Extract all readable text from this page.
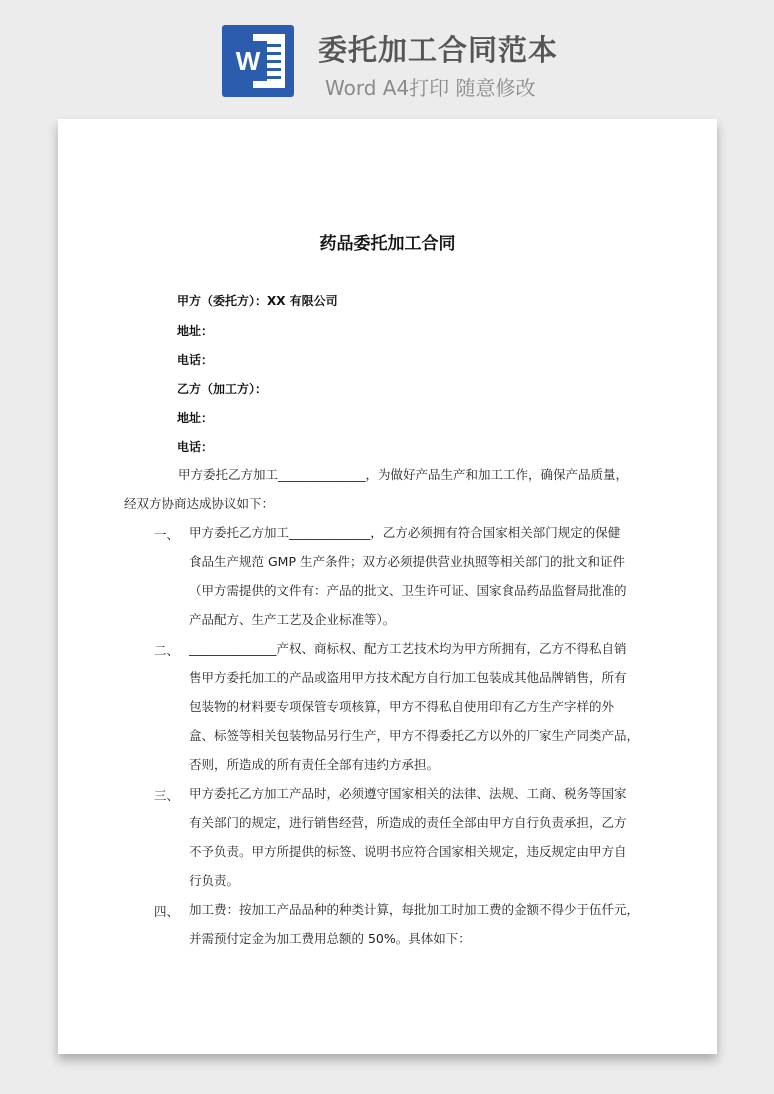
W 委托加工合同范本
Word A4打印 随意修改
药品委托加工合同
甲方（委托方）：XX 有限公司
地址：
电话：
乙方（加工方）：
地址：
电话：
甲方委托乙方加工______________，为做好产品生产和加工工作，确保产品质量，
经双方协商达成协议如下：
一、 甲方委托乙方加工_____________，乙方必须拥有符合国家相关部门规定的保健
食品生产规范 GMP 生产条件；双方必须提供营业执照等相关部门的批文和证件
（甲方需提供的文件有：产品的批文、卫生许可证、国家食品药品监督局批准的
产品配方、生产工艺及企业标准等）。
二、 ______________产权、商标权、配方工艺技术均为甲方所拥有，乙方不得私自销
售甲方委托加工的产品或盗用甲方技术配方自行加工包装成其他品牌销售，所有
包装物的材料要专项保管专项核算，甲方不得私自使用印有乙方生产字样的外
盒、标签等相关包装物品另行生产，甲方不得委托乙方以外的厂家生产同类产品，
否则，所造成的所有责任全部有违约方承担。
三、 甲方委托乙方加工产品时，必须遵守国家相关的法律、法规、工商、税务等国家
有关部门的规定，进行销售经营，所造成的责任全部由甲方自行负责承担，乙方
不予负责。甲方所提供的标签、说明书应符合国家相关规定，违反规定由甲方自
行负责。
四、 加工费：按加工产品品种的种类计算，每批加工时加工费的金额不得少于伍仟元，
并需预付定金为加工费用总额的 50%。具体如下：
